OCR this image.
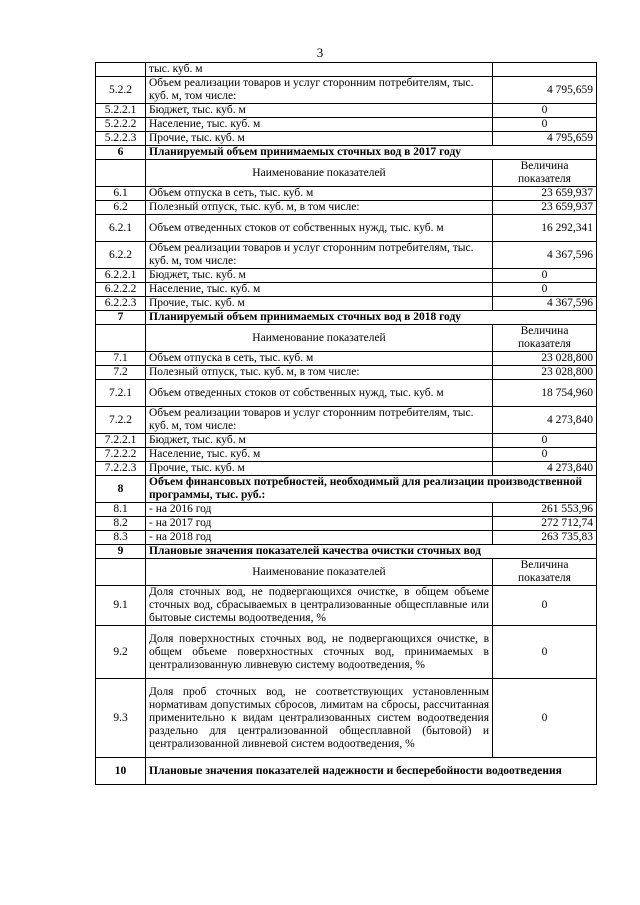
3
	тыс. куб. м	
5.2.2	Объем реализации товаров и услуг сторонним потребителям, тыс. куб. м, том числе:	4 795,659
5.2.2.1	Бюджет, тыс. куб. м	0
5.2.2.2	Население, тыс. куб. м	0
5.2.2.3	Прочие, тыс. куб. м	4 795,659
6	Планируемый объем принимаемых сточных вод в 2017 году	
	Наименование показателей	Величина показателя
6.1	Объем отпуска в сеть, тыс. куб. м	23 659,937
6.2	Полезный отпуск, тыс. куб. м, в том числе:	23 659,937
6.2.1	Объем отведенных стоков от собственных нужд, тыс. куб. м	16 292,341
6.2.2	Объем реализации товаров и услуг сторонним потребителям, тыс. куб. м, том числе:	4 367,596
6.2.2.1	Бюджет, тыс. куб. м	0
6.2.2.2	Население, тыс. куб. м	0
6.2.2.3	Прочие, тыс. куб. м	4 367,596
7	Планируемый объем принимаемых сточных вод в 2018 году	
	Наименование показателей	Величина показателя
7.1	Объем отпуска в сеть, тыс. куб. м	23 028,800
7.2	Полезный отпуск, тыс. куб. м, в том числе:	23 028,800
7.2.1	Объем отведенных стоков от собственных нужд, тыс. куб. м	18 754,960
7.2.2	Объем реализации товаров и услуг сторонним потребителям, тыс. куб. м, том числе:	4 273,840
7.2.2.1	Бюджет, тыс. куб. м	0
7.2.2.2	Население, тыс. куб. м	0
7.2.2.3	Прочие, тыс. куб. м	4 273,840
8	Объем финансовых потребностей, необходимый для реализации производственной программы, тыс. руб.:	
8.1	- на 2016 год	261 553,96
8.2	- на 2017 год	272 712,74
8.3	- на 2018 год	263 735,83
9	Плановые значения показателей качества очистки сточных вод	
	Наименование показателей	Величина показателя
9.1	Доля сточных вод, не подвергающихся очистке, в общем объеме сточных вод, сбрасываемых в централизованные общесплавные или бытовые системы водоотведения, %	0
9.2	Доля поверхностных сточных вод, не подвергающихся очистке, в общем объеме поверхностных сточных вод, принимаемых в централизованную ливневую систему водоотведения, %	0
9.3	Доля проб сточных вод, не соответствующих установленным нормативам допустимых сбросов, лимитам на сбросы, рассчитанная применительно к видам централизованных систем водоотведения раздельно для централизованной общесплавной (бытовой) и централизованной ливневой систем водоотведения, %	0
10	Плановые значения показателей надежности и бесперебойности водоотведения	
